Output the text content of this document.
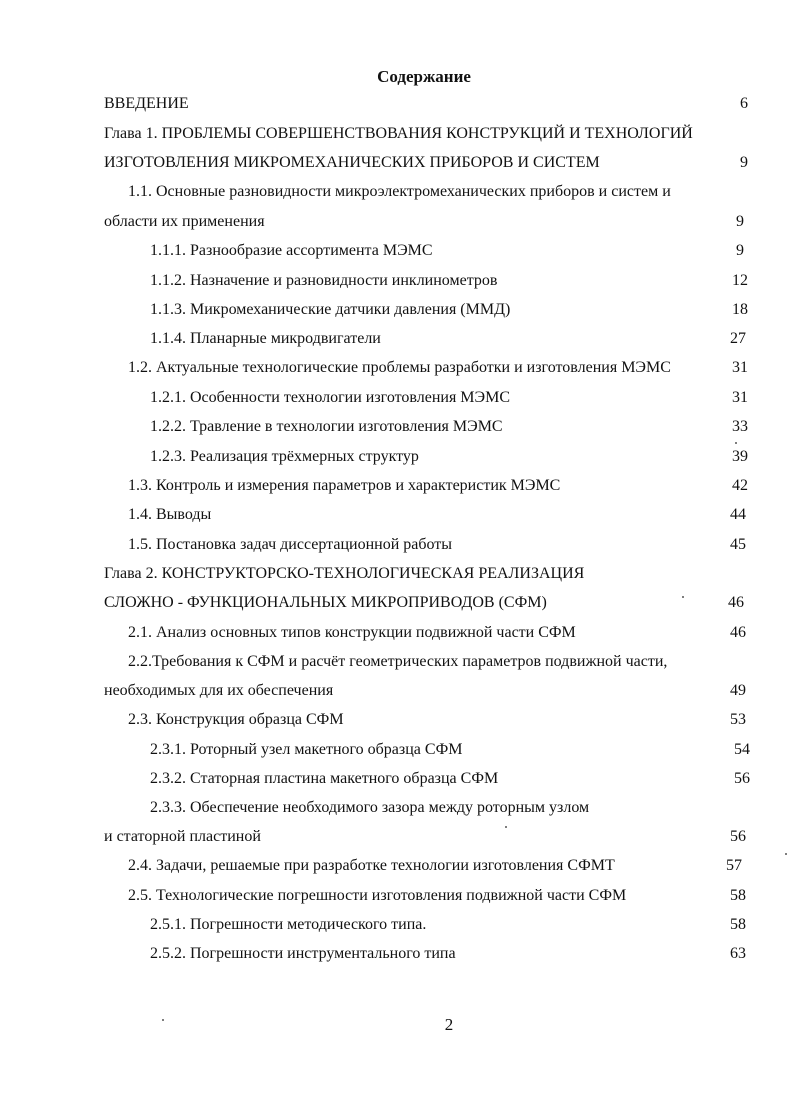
Содержание
ВВЕДЕНИЕ	6
Глава 1. ПРОБЛЕМЫ СОВЕРШЕНСТВОВАНИЯ КОНСТРУКЦИЙ И ТЕХНОЛОГИЙ
ИЗГОТОВЛЕНИЯ МИКРОМЕХАНИЧЕСКИХ ПРИБОРОВ И СИСТЕМ	9
1.1. Основные разновидности микроэлектромеханических приборов и систем и
области их применения	9
1.1.1. Разнообразие ассортимента МЭМС	9
1.1.2. Назначение и разновидности инклинометров	12
1.1.3. Микромеханические датчики давления (ММД)	18
1.1.4. Планарные микродвигатели	27
1.2. Актуальные технологические проблемы разработки и изготовления МЭМС	31
1.2.1. Особенности технологии изготовления МЭМС	31
1.2.2. Травление в технологии изготовления МЭМС	33
1.2.3. Реализация трёхмерных структур	39
1.3. Контроль и измерения параметров и характеристик МЭМС	42
1.4. Выводы	44
1.5. Постановка задач диссертационной работы	45
Глава 2. КОНСТРУКТОРСКО-ТЕХНОЛОГИЧЕСКАЯ РЕАЛИЗАЦИЯ
СЛОЖНО - ФУНКЦИОНАЛЬНЫХ МИКРОПРИВОДОВ (СФМ)	46
2.1. Анализ основных типов конструкции подвижной части СФМ	46
2.2.Требования к СФМ и расчёт геометрических параметров подвижной части,
необходимых для их обеспечения	49
2.3. Конструкция образца СФМ	53
2.3.1. Роторный узел макетного образца СФМ	54
2.3.2. Статорная пластина макетного образца СФМ	56
2.3.3. Обеспечение необходимого зазора между роторным узлом
и статорной пластиной	56
2.4. Задачи, решаемые при разработке технологии изготовления СФМТ	57
2.5. Технологические погрешности изготовления подвижной части СФМ	58
2.5.1. Погрешности методического типа.	58
2.5.2. Погрешности инструментального типа	63
2
